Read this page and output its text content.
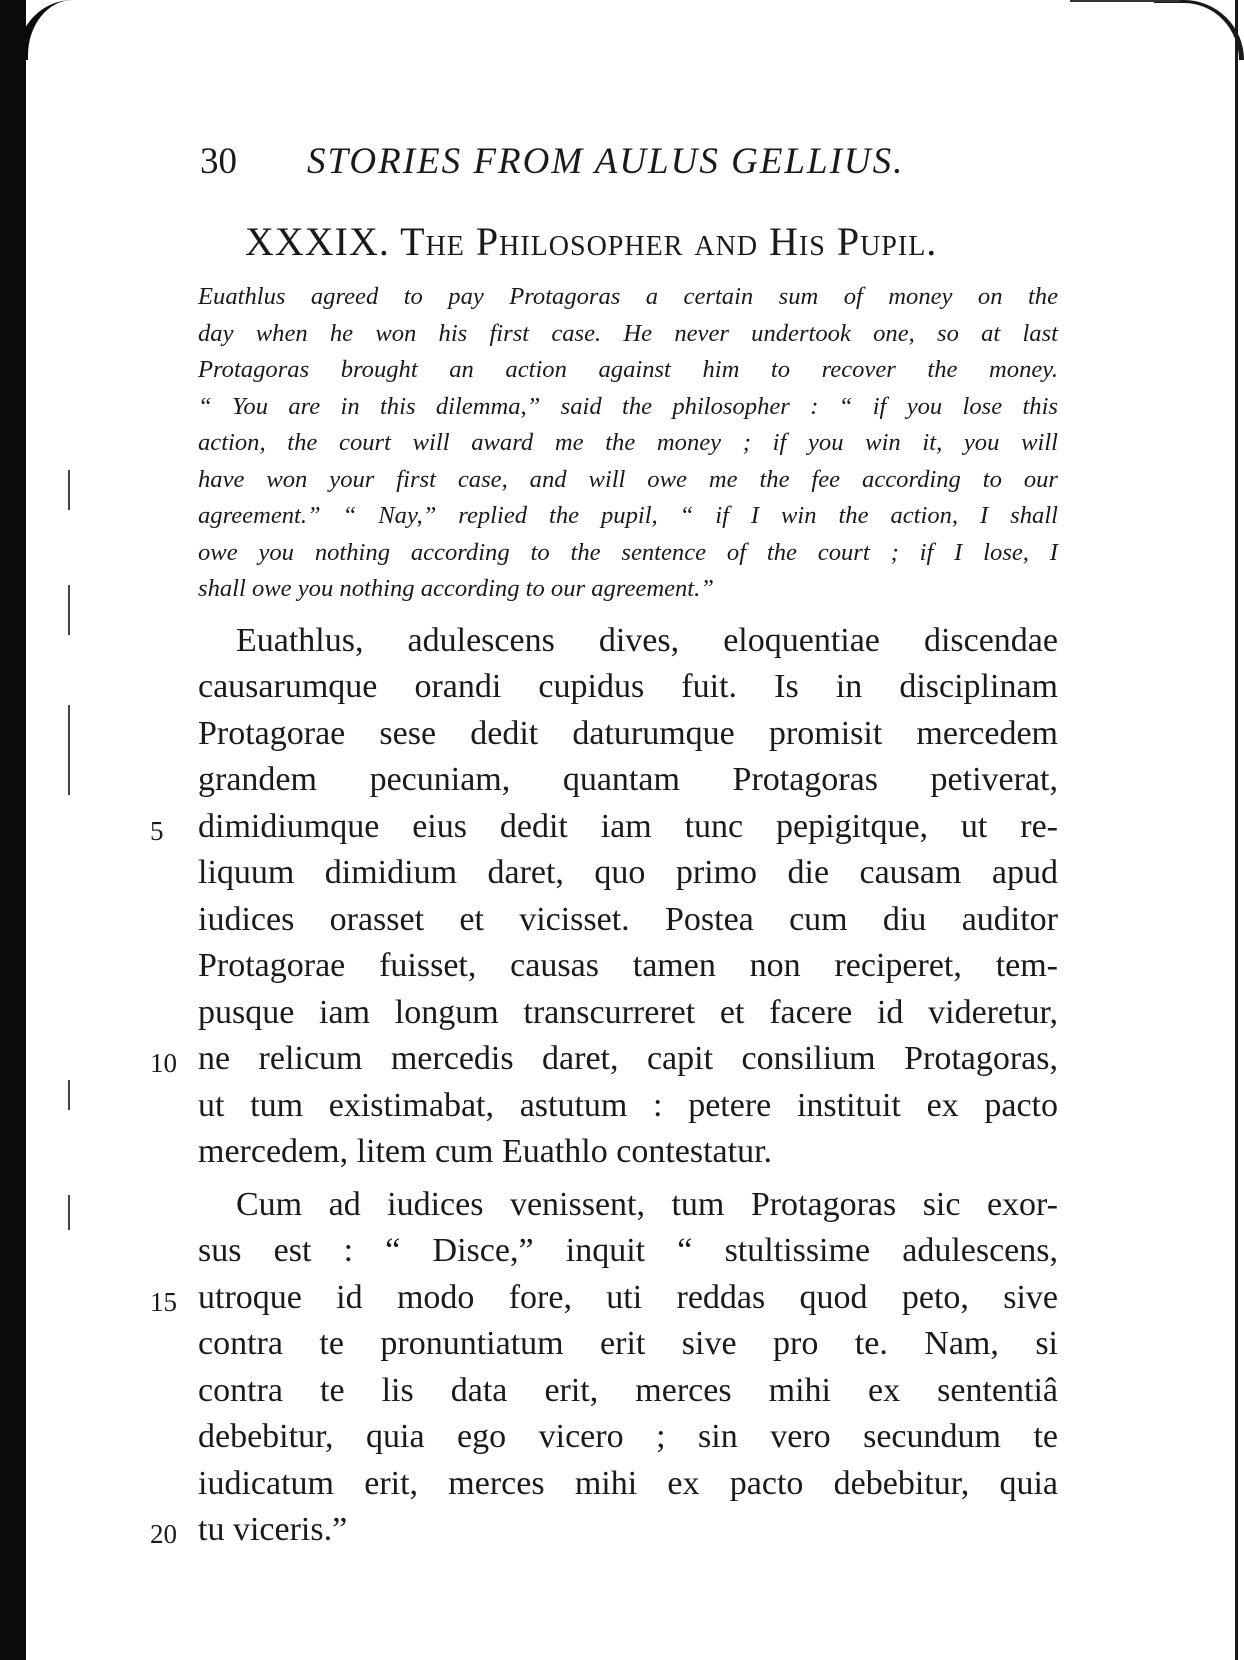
30 STORIES FROM AULUS GELLIUS.
XXXIX. The Philosopher and His Pupil.
Euathlus agreed to pay Protagoras a certain sum of money on the
day when he won his first case. He never undertook one, so at last
Protagoras brought an action against him to recover the money.
“ You are in this dilemma,” said the philosopher : “ if you lose this
action, the court will award me the money ; if you win it, you will
have won your first case, and will owe me the fee according to our
agreement.” “ Nay,” replied the pupil, “ if I win the action, I shall
owe you nothing according to the sentence of the court ; if I lose, I
shall owe you nothing according to our agreement.”
Euathlus, adulescens dives, eloquentiae discendae
causarumque orandi cupidus fuit. Is in disciplinam
Protagorae sese dedit daturumque promisit mercedem
grandem pecuniam, quantam Protagoras petiverat,
dimidiumque eius dedit iam tunc pepigitque, ut re-
5
liquum dimidium daret, quo primo die causam apud
iudices orasset et vicisset. Postea cum diu auditor
Protagorae fuisset, causas tamen non reciperet, tem-
pusque iam longum transcurreret et facere id videretur,
ne relicum mercedis daret, capit consilium Protagoras,
10
ut tum existimabat, astutum : petere instituit ex pacto
mercedem, litem cum Euathlo contestatur.
Cum ad iudices venissent, tum Protagoras sic exor-
sus est : “ Disce,” inquit “ stultissime adulescens,
utroque id modo fore, uti reddas quod peto, sive
15
contra te pronuntiatum erit sive pro te. Nam, si
contra te lis data erit, merces mihi ex sententiâ
debebitur, quia ego vicero ; sin vero secundum te
iudicatum erit, merces mihi ex pacto debebitur, quia
tu viceris.”
20
